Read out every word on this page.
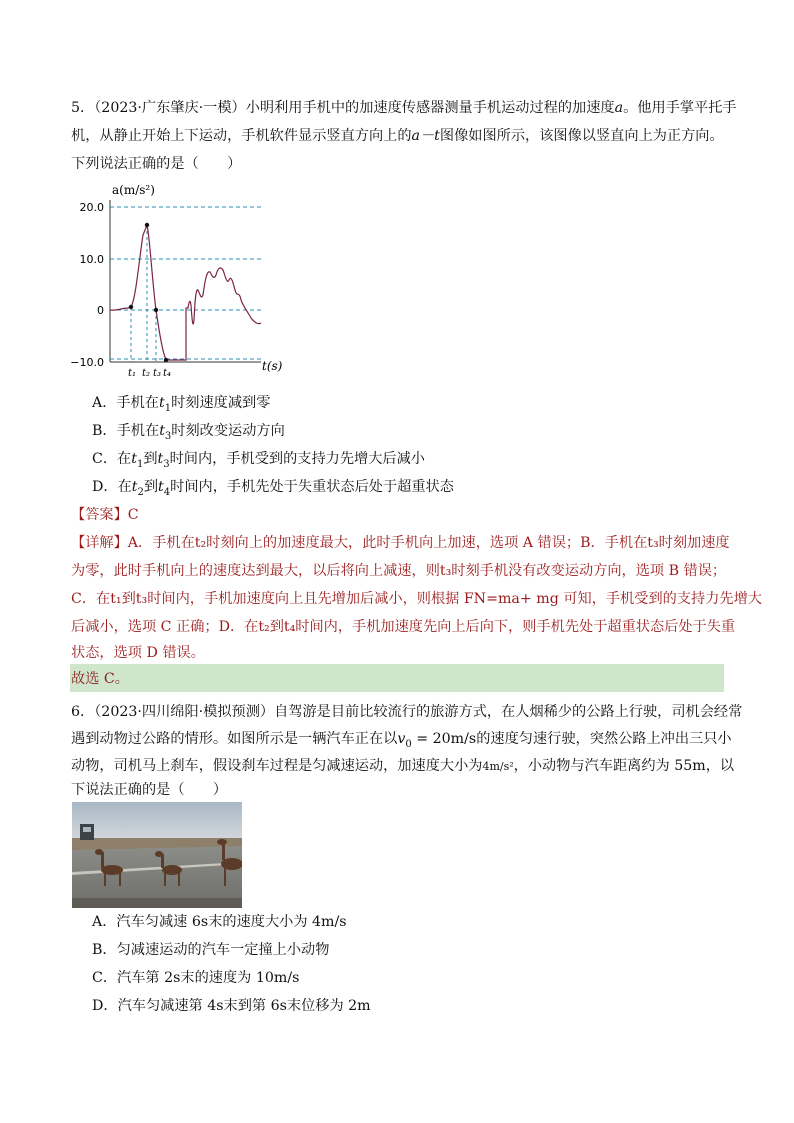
5．（2023·广东肇庆·一模）小明利用手机中的加速度传感器测量手机运动过程的加速度a。他用手掌平托手
机，从静止开始上下运动，手机软件显示竖直方向上的a－t图像如图所示，该图像以竖直向上为正方向。
下列说法正确的是（　　）
a(m/s²)
t(s)
20.0
10.0
0
−10.0
t₁ t₂ t₃ t₄
A．手机在$t_1$时刻速度减到零
B．手机在$t_3$时刻改变运动方向
C．在$t_1$到$t_3$时间内，手机受到的支持力先增大后减小
D．在$t_2$到$t_4$时间内，手机先处于失重状态后处于超重状态
【答案】C
【详解】A．手机在t₂时刻向上的加速度最大，此时手机向上加速，选项 A 错误；B．手机在t₃时刻加速度
为零，此时手机向上的速度达到最大，以后将向上减速，则t₃时刻手机没有改变运动方向，选项 B 错误；
C．在t₁到t₃时间内，手机加速度向上且先增加后减小，则根据 FN=ma+ mg 可知，手机受到的支持力先增大
后减小，选项 C 正确；D．在t₂到t₄时间内，手机加速度先向上后向下，则手机先处于超重状态后处于失重
状态，选项 D 错误。
故选 C。
6．（2023·四川绵阳·模拟预测）自驾游是目前比较流行的旅游方式，在人烟稀少的公路上行驶，司机会经常
遇到动物过公路的情形。如图所示是一辆汽车正在以$v_0 = 20m/s$的速度匀速行驶，突然公路上冲出三只小
动物，司机马上刹车，假设刹车过程是匀减速运动，加速度大小为4m/s²，小动物与汽车距离约为 55m，以
下说法正确的是（　　）
A．汽车匀减速 6s末的速度大小为 4m/s
B．匀减速运动的汽车一定撞上小动物
C．汽车第 2s末的速度为 10m/s
D．汽车匀减速第 4s末到第 6s末位移为 2m
